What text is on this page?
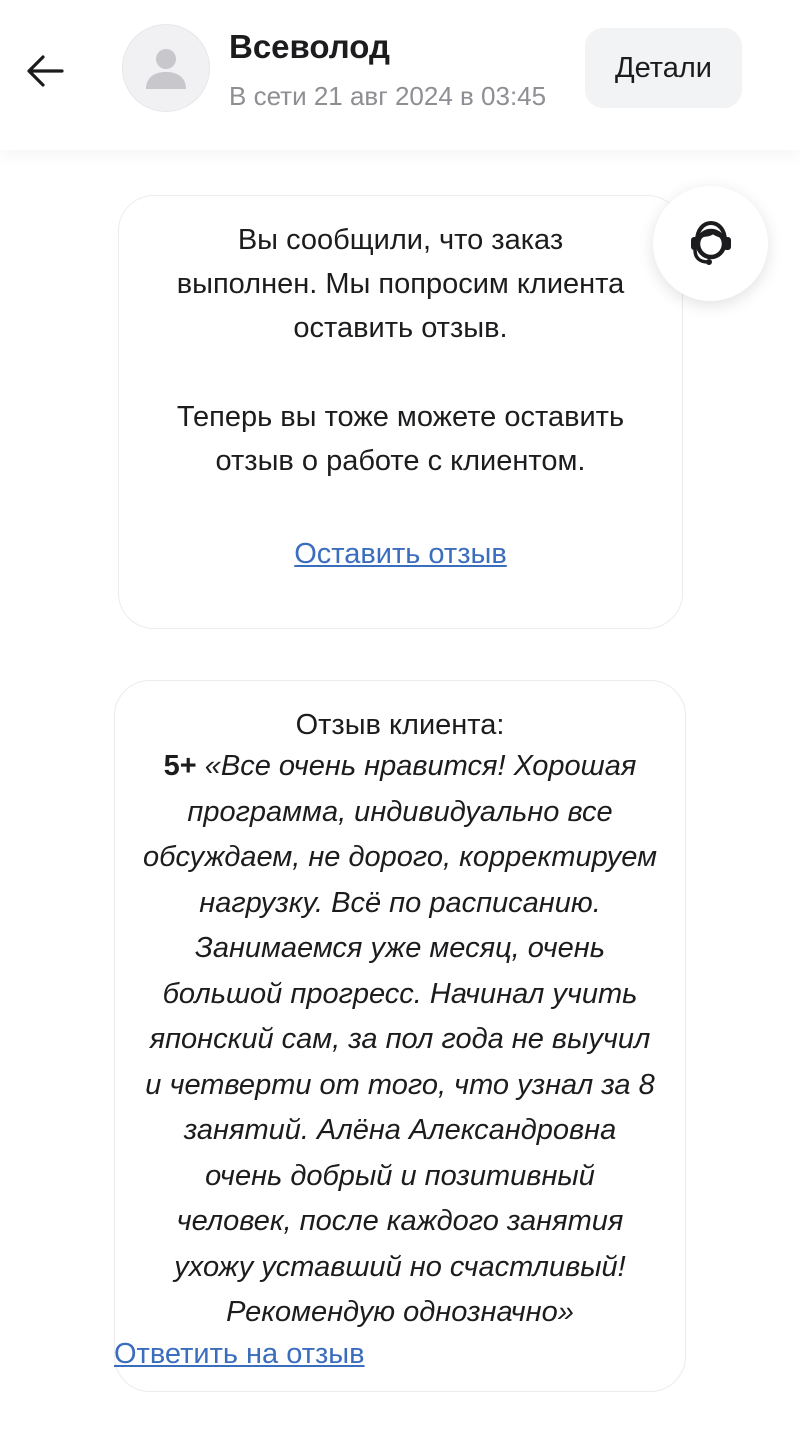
Всеволод
В сети 21 авг 2024 в 03:45
Детали
Вы сообщили, что заказ
выполнен. Мы попросим клиента
оставить отзыв.
Теперь вы тоже можете оставить
отзыв о работе с клиентом.
Оставить отзыв
Отзыв клиента:
5+ «Все очень нравится! Хорошая
программа, индивидуально все
обсуждаем, не дорого, корректируем
нагрузку. Всё по расписанию.
Занимаемся уже месяц, очень
большой прогресс. Начинал учить
японский сам, за пол года не выучил
и четверти от того, что узнал за 8
занятий. Алёна Александровна
очень добрый и позитивный
человек, после каждого занятия
ухожу уставший но счастливый!
Рекомендую однозначно»
Ответить на отзыв
